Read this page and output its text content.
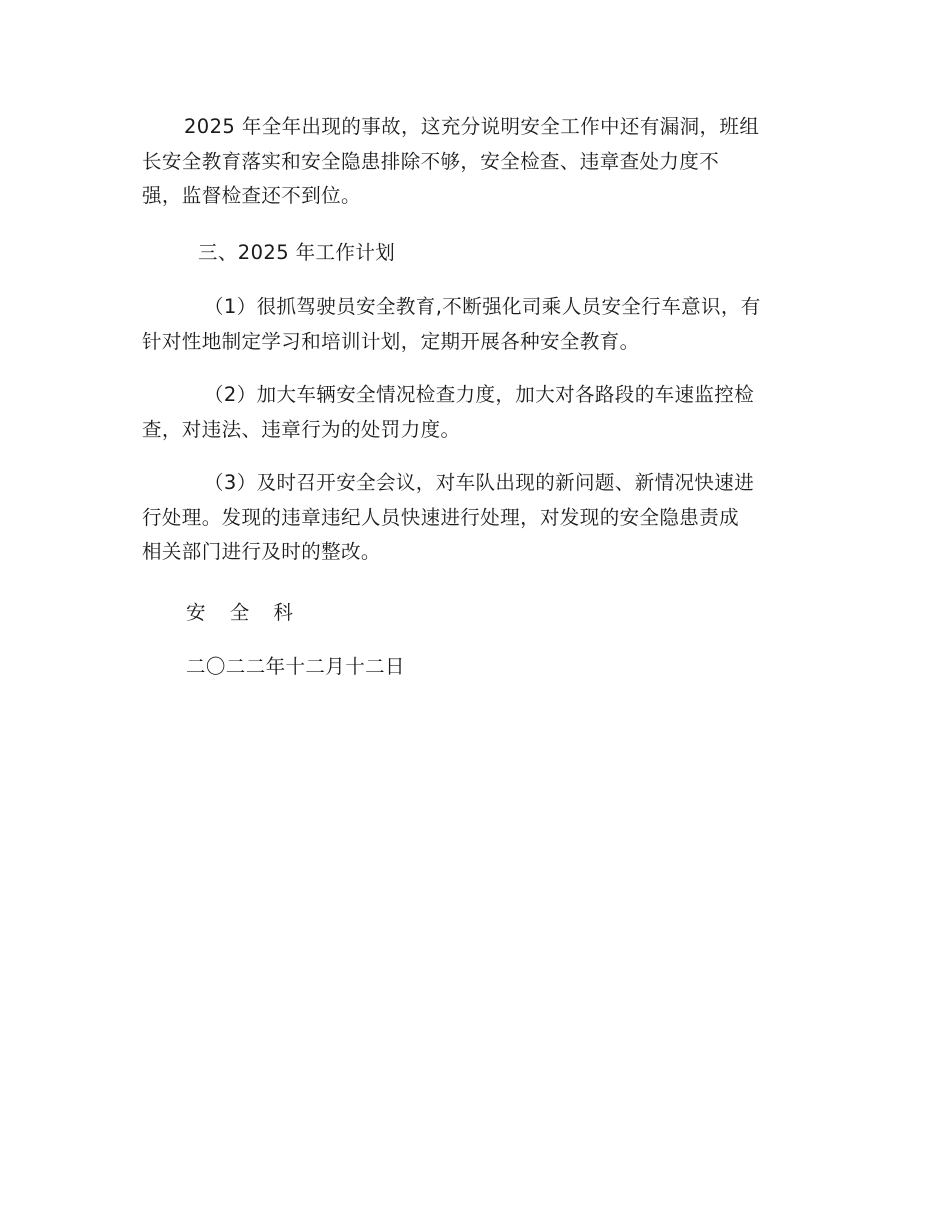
2025 年全年出现的事故，这充分说明安全工作中还有漏洞，班组
长安全教育落实和安全隐患排除不够，安全检查、违章查处力度不
强，监督检查还不到位。

三、2025 年工作计划

（1）很抓驾驶员安全教育,不断强化司乘人员安全行车意识，有
针对性地制定学习和培训计划，定期开展各种安全教育。

（2）加大车辆安全情况检查力度，加大对各路段的车速监控检
查，对违法、违章行为的处罚力度。

（3）及时召开安全会议，对车队出现的新问题、新情况快速进
行处理。发现的违章违纪人员快速进行处理，对发现的安全隐患责成
相关部门进行及时的整改。

安 全 科

二〇二二年十二月十二日
